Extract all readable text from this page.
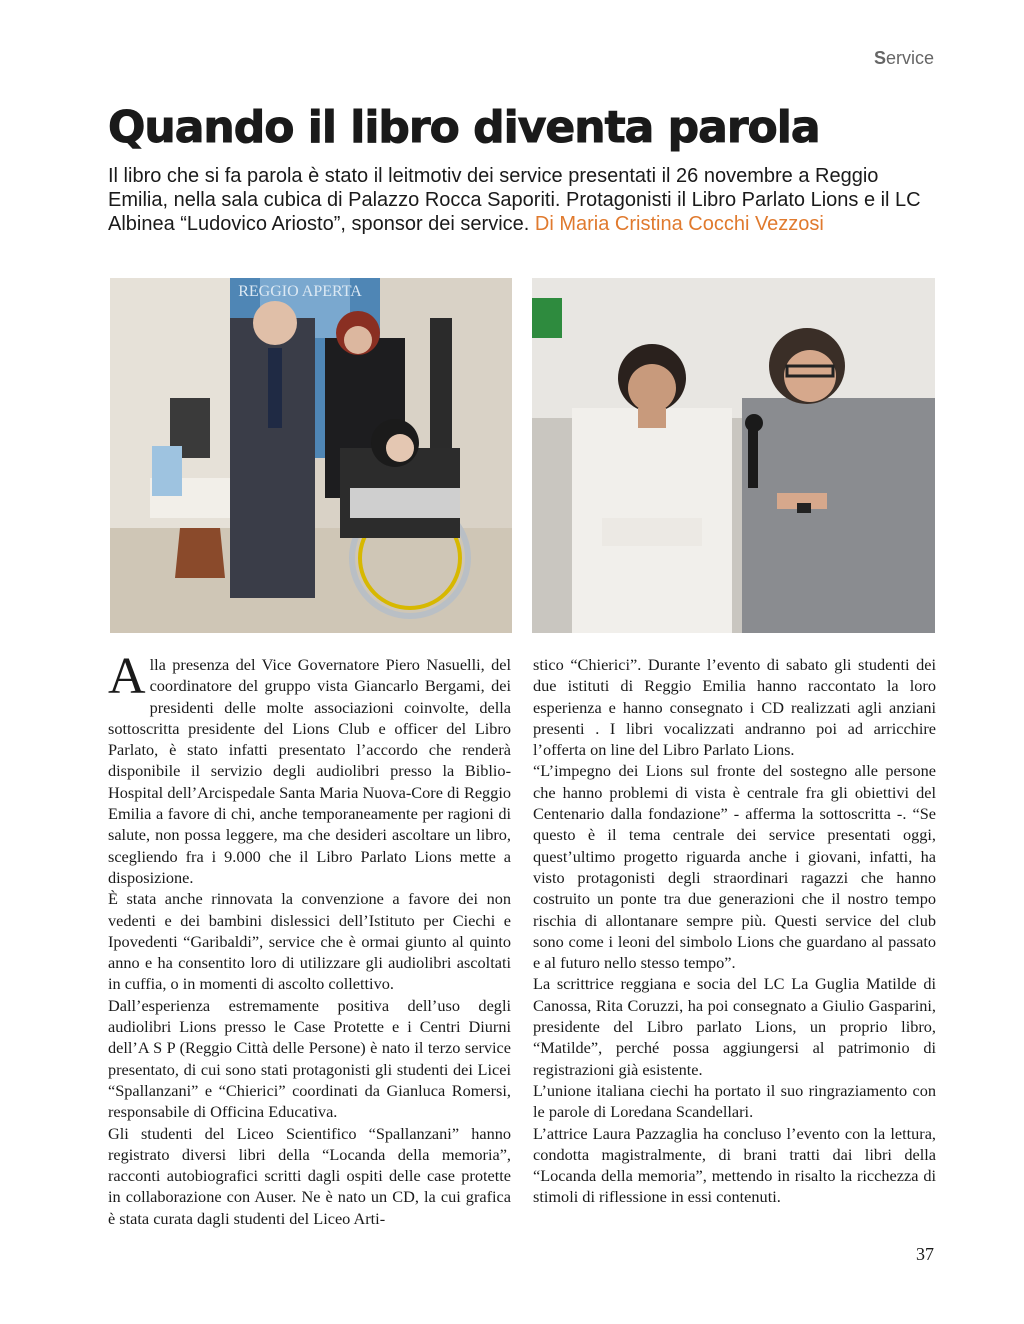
Service
Quando il libro diventa parola

Il libro che si fa parola è stato il leitmotiv dei service presentati il 26 novembre a Reggio Emilia, nella sala cubica di Palazzo Rocca Saporiti. Protagonisti il Libro Parlato Lions e il LC Albinea “Ludovico Ariosto”, sponsor dei service. Di Maria Cristina Cocchi Vezzosi

REGGIO APERTA

Alla presenza del Vice Governatore Piero Nasuelli, del coordinatore del gruppo vista Giancarlo Bergami, dei presidenti delle molte associazioni coinvolte, della sottoscritta presidente del Lions Club e officer del Libro Parlato, è stato infatti presentato l’accordo che renderà disponibile il servizio degli audiolibri presso la Biblio-Hospital dell’Arcispedale Santa Maria Nuova-Core di Reggio Emilia a favore di chi, anche temporaneamente per ragioni di salute, non possa leggere, ma che desideri ascoltare un libro, scegliendo fra i 9.000 che il Libro Parlato Lions mette a disposizione.

È stata anche rinnovata la convenzione a favore dei non vedenti e dei bambini dislessici dell’Istituto per Ciechi e Ipovedenti “Garibaldi”, service che è ormai giunto al quinto anno e ha consentito loro di utilizzare gli audiolibri ascoltati in cuffia, o in momenti di ascolto collettivo.

Dall’esperienza estremamente positiva dell’uso degli audiolibri Lions presso le Case Protette e i Centri Diurni dell’A S P (Reggio Città delle Persone) è nato il terzo service presentato, di cui sono stati protagonisti gli studenti dei Licei “Spallanzani” e “Chierici” coordinati da Gianluca Romersi, responsabile di Officina Educativa.

Gli studenti del Liceo Scientifico “Spallanzani” hanno registrato diversi libri della “Locanda della memoria”, racconti autobiografici scritti dagli ospiti delle case protette in collaborazione con Auser. Ne è nato un CD, la cui grafica è stata curata dagli studenti del Liceo Arti-

stico “Chierici”. Durante l’evento di sabato gli studenti dei due istituti di Reggio Emilia hanno raccontato la loro esperienza e hanno consegnato i CD realizzati agli anziani presenti . I libri vocalizzati andranno poi ad arricchire l’offerta on line del Libro Parlato Lions.

“L’impegno dei Lions sul fronte del sostegno alle persone che hanno problemi di vista è centrale fra gli obiettivi del Centenario dalla fondazione” - afferma la sottoscritta -. “Se questo è il tema centrale dei service presentati oggi, quest’ultimo progetto riguarda anche i giovani, infatti, ha visto protagonisti degli straordinari ragazzi che hanno costruito un ponte tra due generazioni che il nostro tempo rischia di allontanare sempre più. Questi service del club sono come i leoni del simbolo Lions che guardano al passato e al futuro nello stesso tempo”.

La scrittrice reggiana e socia del LC La Guglia Matilde di Canossa, Rita Coruzzi, ha poi consegnato a Giulio Gasparini, presidente del Libro parlato Lions, un proprio libro, “Matilde”, perché possa aggiungersi al patrimonio di registrazioni già esistente.

L’unione italiana ciechi ha portato il suo ringraziamento con le parole di Loredana Scandellari.

L’attrice Laura Pazzaglia ha concluso l’evento con la lettura, condotta magistralmente, di brani tratti dai libri della “Locanda della memoria”, mettendo in risalto la ricchezza di stimoli di riflessione in essi contenuti.

37
